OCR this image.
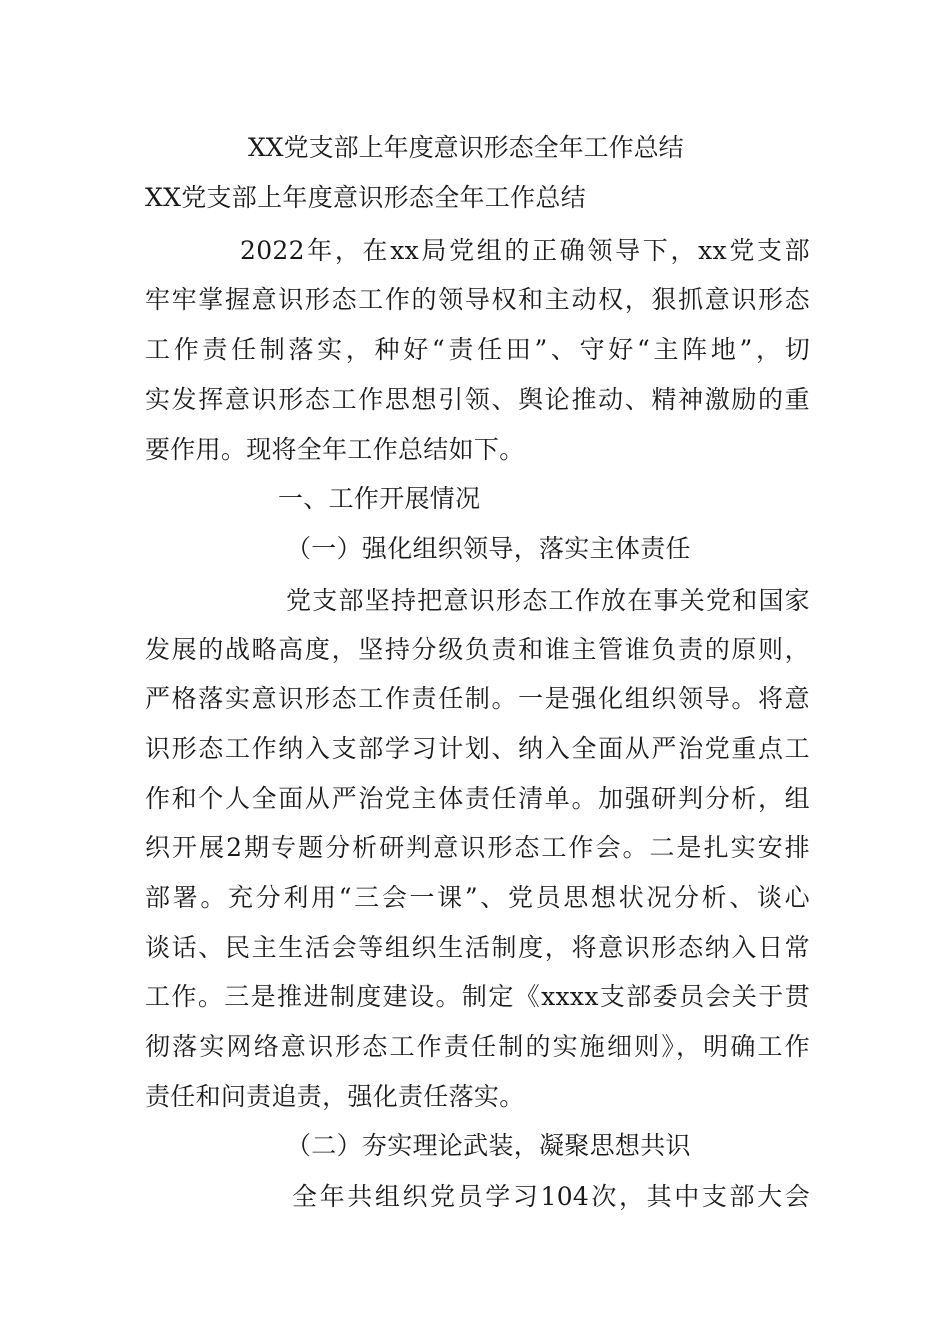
XX党支部上年度意识形态全年工作总结
XX党支部上年度意识形态全年工作总结
2022年，在xx局党组的正确领导下，xx党支部
牢牢掌握意识形态工作的领导权和主动权，狠抓意识形态
工作责任制落实，种好“责任田”、守好“主阵地”，切
实发挥意识形态工作思想引领、舆论推动、精神激励的重
要作用。现将全年工作总结如下。
一、工作开展情况
（一）强化组织领导，落实主体责任
党支部坚持把意识形态工作放在事关党和国家
发展的战略高度，坚持分级负责和谁主管谁负责的原则，
严格落实意识形态工作责任制。一是强化组织领导。将意
识形态工作纳入支部学习计划、纳入全面从严治党重点工
作和个人全面从严治党主体责任清单。加强研判分析，组
织开展2期专题分析研判意识形态工作会。二是扎实安排
部署。充分利用“三会一课”、党员思想状况分析、谈心
谈话、民主生活会等组织生活制度，将意识形态纳入日常
工作。三是推进制度建设。制定《xxxx支部委员会关于贯
彻落实网络意识形态工作责任制的实施细则》，明确工作
责任和问责追责，强化责任落实。
（二）夯实理论武装，凝聚思想共识
全年共组织党员学习104次，其中支部大会
